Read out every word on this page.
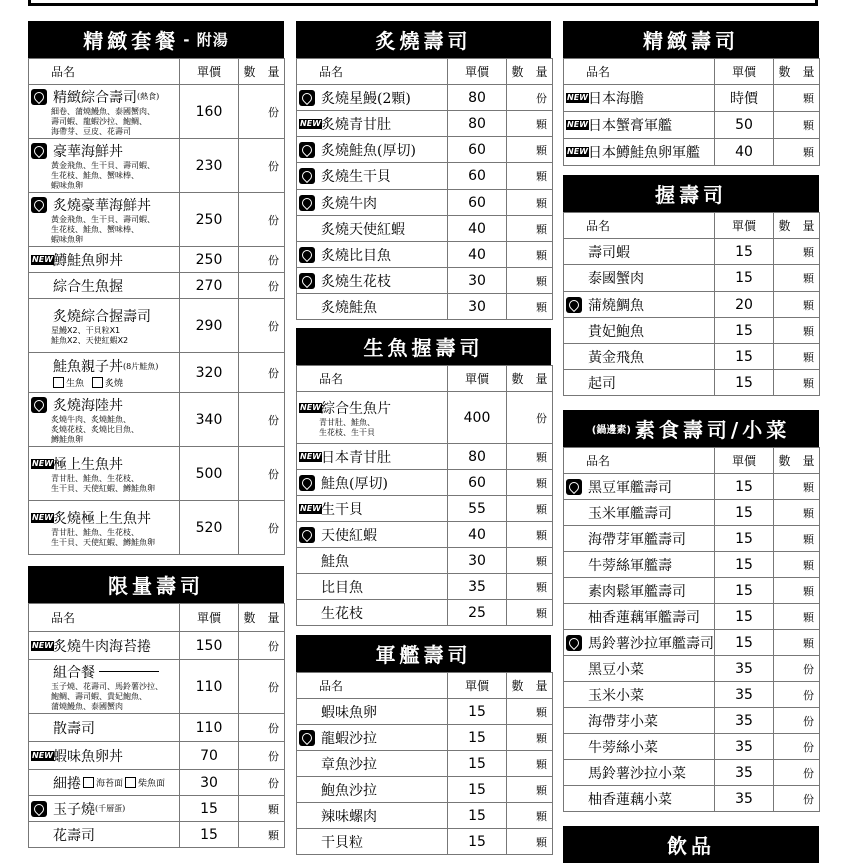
精緻套餐 - 附湯
品名	單價	數　量

精緻綜合壽司 (熱食)
細卷、蒲燒鰻魚、泰國蟹肉、
壽司蝦、龍蝦沙拉、鮑鲷、
海帶芽、豆皮、花壽司	160	份

豪華海鮮丼
黃金飛魚、生干貝、壽司蝦、
生花枝、鮭魚、蟹味棒、
蝦味魚卵	230	份

炙燒豪華海鮮丼
黃金飛魚、生干貝、壽司蝦、
生花枝、鮭魚、蟹味棒、
蝦味魚卵	250	份

NEW 鱒鮭魚卵丼	250	份

綜合生魚握	270	份

炙燒綜合握壽司
星鰻X2、干貝粒X1
鮭魚X2、天使紅蝦X2	290	份

鮭魚親子丼 (8片鮭魚)
生魚 炙燒	320	份

炙燒海陸丼
炙燒牛肉、炙燒鮭魚、
炙燒花枝、炙燒比目魚、
鱒鮭魚卵	340	份

NEW 極上生魚丼
青甘肚、鮭魚、生花枝、
生干貝、天使紅蝦、鱒鮭魚卵	500	份

NEW 炙燒極上生魚丼
青甘肚、鮭魚、生花枝、
生干貝、天使紅蝦、鱒鮭魚卵	520	份
限量壽司
品名	單價	數　量

NEW 炙燒牛肉海苔捲	150	份

組合餐
玉子燒、花壽司、馬鈴薯沙拉、
鮑鲷、壽司蝦、貴妃鮑魚、
蒲燒鰻魚、泰國蟹肉	110	份

散壽司	110	份

NEW 蝦味魚卵丼	70	份

細捲 海苔面 柴魚面	30	份

玉子燒 (千層蛋)	15	顆

花壽司	15	顆
炙燒壽司
品名	單價	數　量

炙燒星鰻(2顆)	80	份

NEW 炙燒青甘肚	80	顆

炙燒鮭魚(厚切)	60	顆

炙燒生干貝	60	顆

炙燒牛肉	60	顆

炙燒天使紅蝦	40	顆

炙燒比目魚	40	顆

炙燒生花枝	30	顆

炙燒鮭魚	30	顆
生魚握壽司
品名	單價	數　量

NEW 綜合生魚片
青甘肚、鮭魚、
生花枝、生干貝	400	份

NEW 日本青甘肚	80	顆

鮭魚(厚切)	60	顆

NEW 生干貝	55	顆

天使紅蝦	40	顆

鮭魚	30	顆

比目魚	35	顆

生花枝	25	顆
軍艦壽司
品名	單價	數　量

蝦味魚卵	15	顆

龍蝦沙拉	15	顆

章魚沙拉	15	顆

鮑魚沙拉	15	顆

辣味螺肉	15	顆

干貝粒	15	顆
精緻壽司
品名	單價	數　量

NEW 日本海膽	時價	顆

NEW 日本蟹膏軍艦	50	顆

NEW 日本鱒鮭魚卵軍艦	40	顆
握壽司
品名	單價	數　量

壽司蝦	15	顆

泰國蟹肉	15	顆

蒲燒鯛魚	20	顆

貴妃鮑魚	15	顆

黃金飛魚	15	顆

起司	15	顆
(鍋邊素) 素食壽司/小菜
品名	單價	數　量

黑豆軍艦壽司	15	顆

玉米軍艦壽司	15	顆

海帶芽軍艦壽司	15	顆

牛蒡絲軍艦壽	15	顆

素肉鬆軍艦壽司	15	顆

柚香蓮藕軍艦壽司	15	顆

馬鈴薯沙拉軍艦壽司	15	顆

黑豆小菜	35	份

玉米小菜	35	份

海帶芽小菜	35	份

牛蒡絲小菜	35	份

馬鈴薯沙拉小菜	35	份

柚香蓮藕小菜	35	份
飲品
